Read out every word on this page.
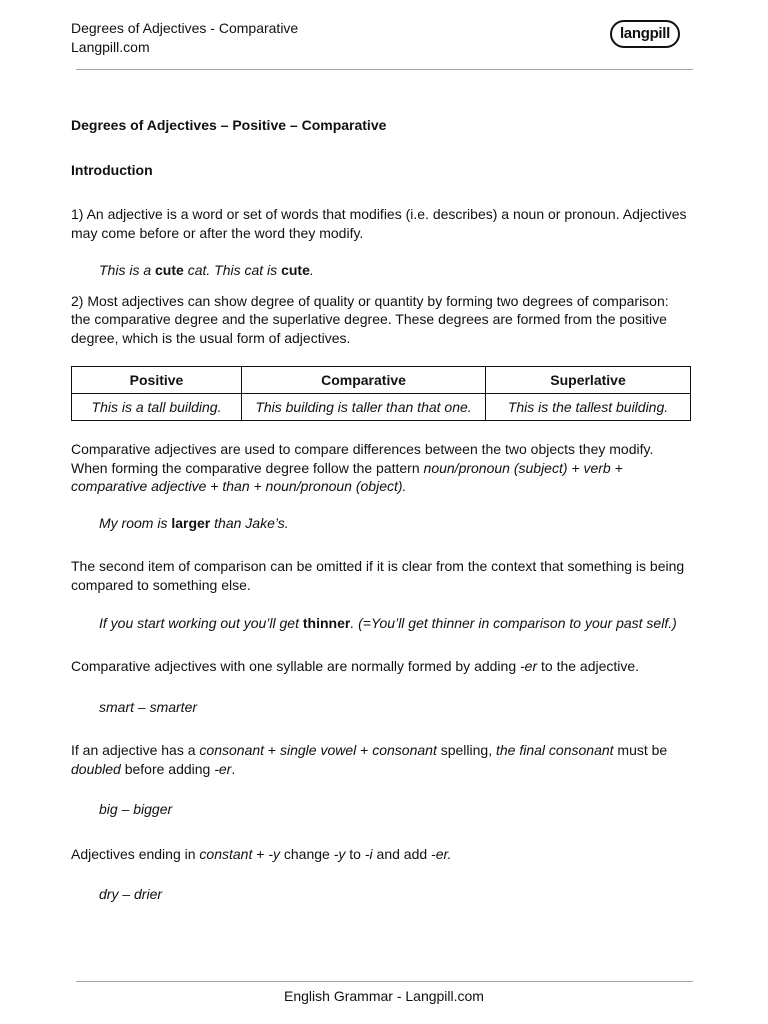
Degrees of Adjectives - Comparative
Langpill.com
langpill

Degrees of Adjectives – Positive – Comparative

Introduction

1) An adjective is a word or set of words that modifies (i.e. describes) a noun or pronoun. Adjectives may come before or after the word they modify.

This is a cute cat. This cat is cute.

2) Most adjectives can show degree of quality or quantity by forming two degrees of comparison: the comparative degree and the superlative degree. These degrees are formed from the positive degree, which is the usual form of adjectives.

Positive	Comparative	Superlative
This is a tall building.	This building is taller than that one.	This is the tallest building.

Comparative adjectives are used to compare differences between the two objects they modify. When forming the comparative degree follow the pattern noun/pronoun (subject) + verb + comparative adjective + than + noun/pronoun (object).

My room is larger than Jake’s.

The second item of comparison can be omitted if it is clear from the context that something is being compared to something else.

If you start working out you’ll get thinner. (=You’ll get thinner in comparison to your past self.)

Comparative adjectives with one syllable are normally formed by adding -er to the adjective.

smart – smarter

If an adjective has a consonant + single vowel + consonant spelling, the final consonant must be doubled before adding -er.

big – bigger

Adjectives ending in constant + -y change -y to -i and add -er.

dry – drier

English Grammar - Langpill.com
